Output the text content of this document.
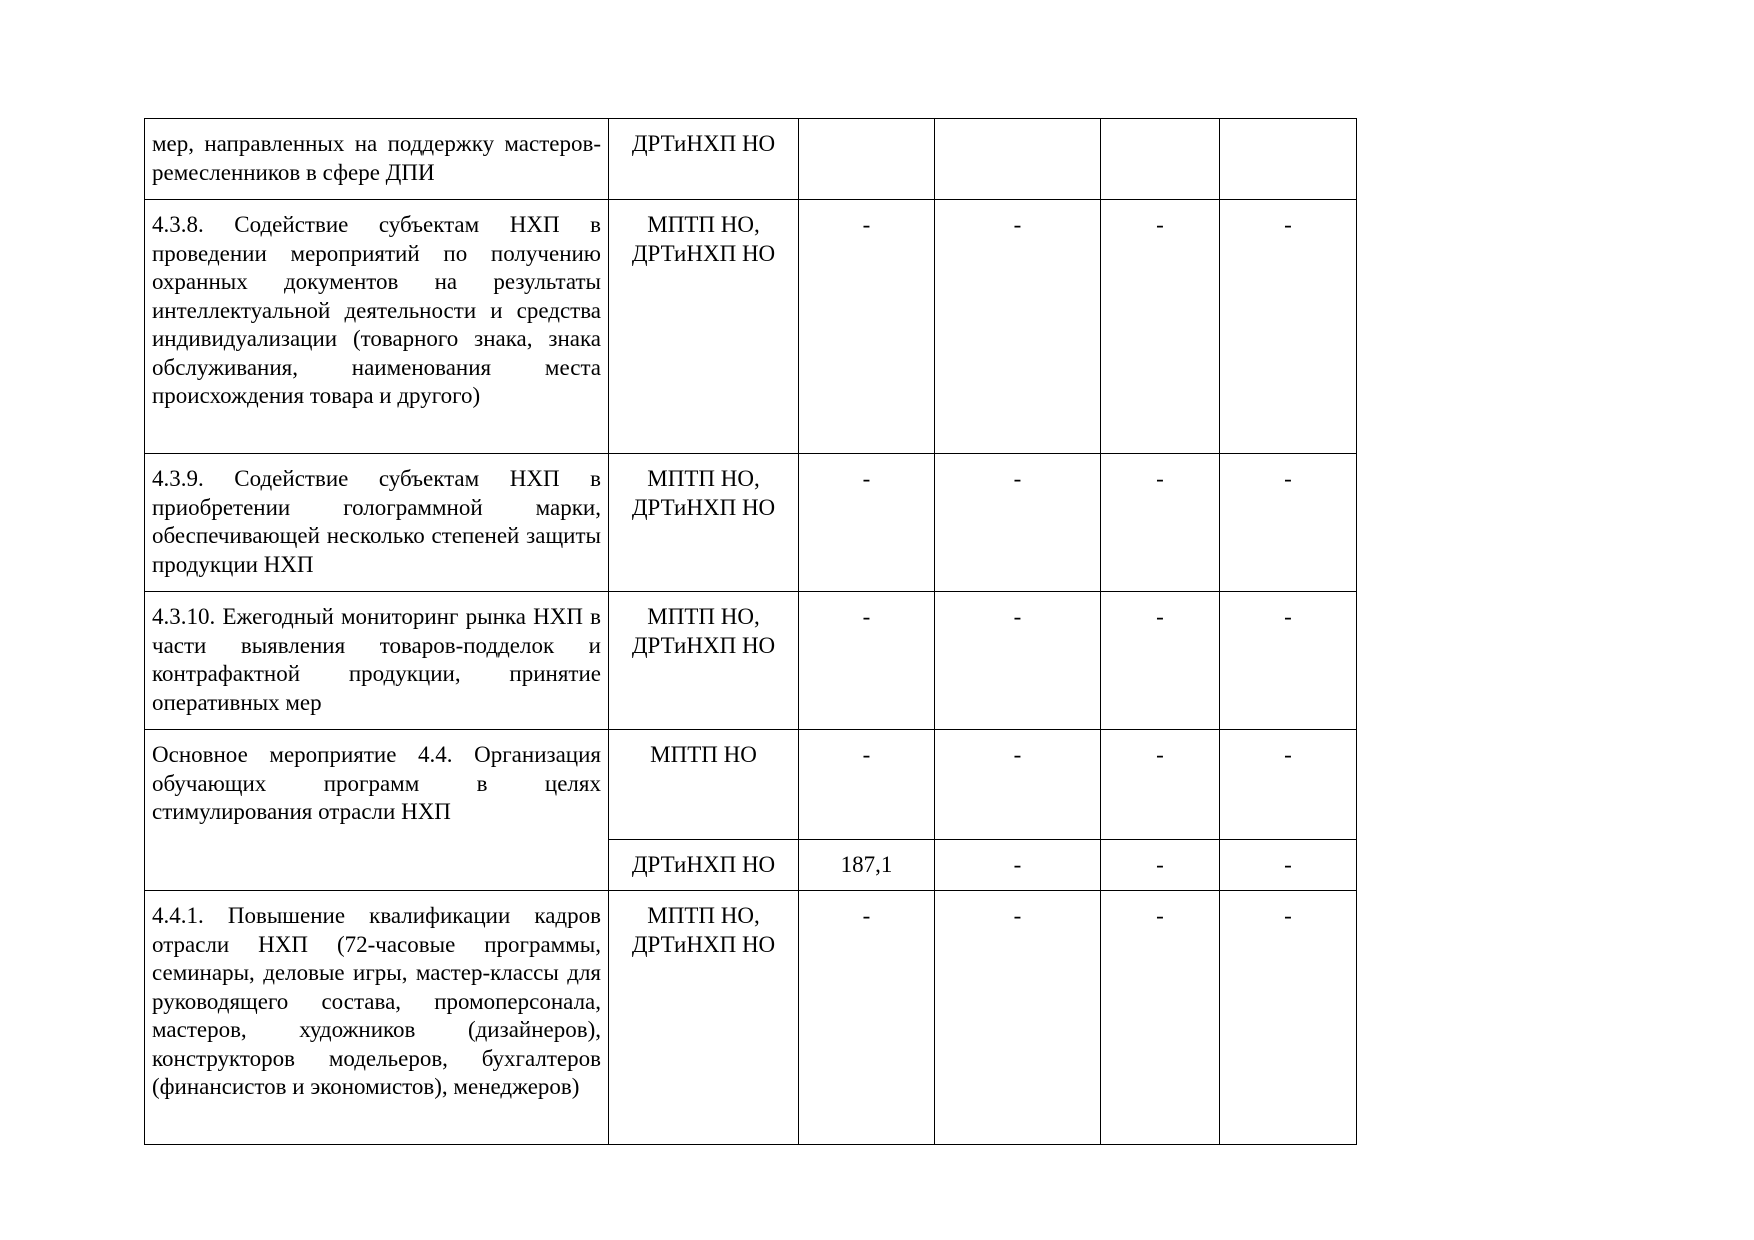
мер, направленных на поддержку мастеров-ремесленников в сфере ДПИ	ДРТиНХП НО				
4.3.8. Содействие субъектам НХП в проведении мероприятий по получению охранных документов на результаты интеллектуальной деятельности и средства индивидуализации (товарного знака, знака обслуживания, наименования места происхождения товара и другого)	МПТП НО, ДРТиНХП НО	-	-	-	-
4.3.9. Содействие субъектам НХП в приобретении голограммной марки, обеспечивающей несколько степеней защиты продукции НХП	МПТП НО, ДРТиНХП НО	-	-	-	-
4.3.10. Ежегодный мониторинг рынка НХП в части выявления товаров-подделок и контрафактной продукции, принятие оперативных мер	МПТП НО, ДРТиНХП НО	-	-	-	-
Основное мероприятие 4.4. Организация обучающих программ в целях стимулирования отрасли НХП	МПТП НО	-	-	-	-
	ДРТиНХП НО	187,1	-	-	-
4.4.1. Повышение квалификации кадров отрасли НХП (72-часовые программы, семинары, деловые игры, мастер-классы для руководящего состава, промоперсонала, мастеров, художников (дизайнеров), конструкторов модельеров, бухгалтеров (финансистов и экономистов), менеджеров)	МПТП НО, ДРТиНХП НО	-	-	-	-
